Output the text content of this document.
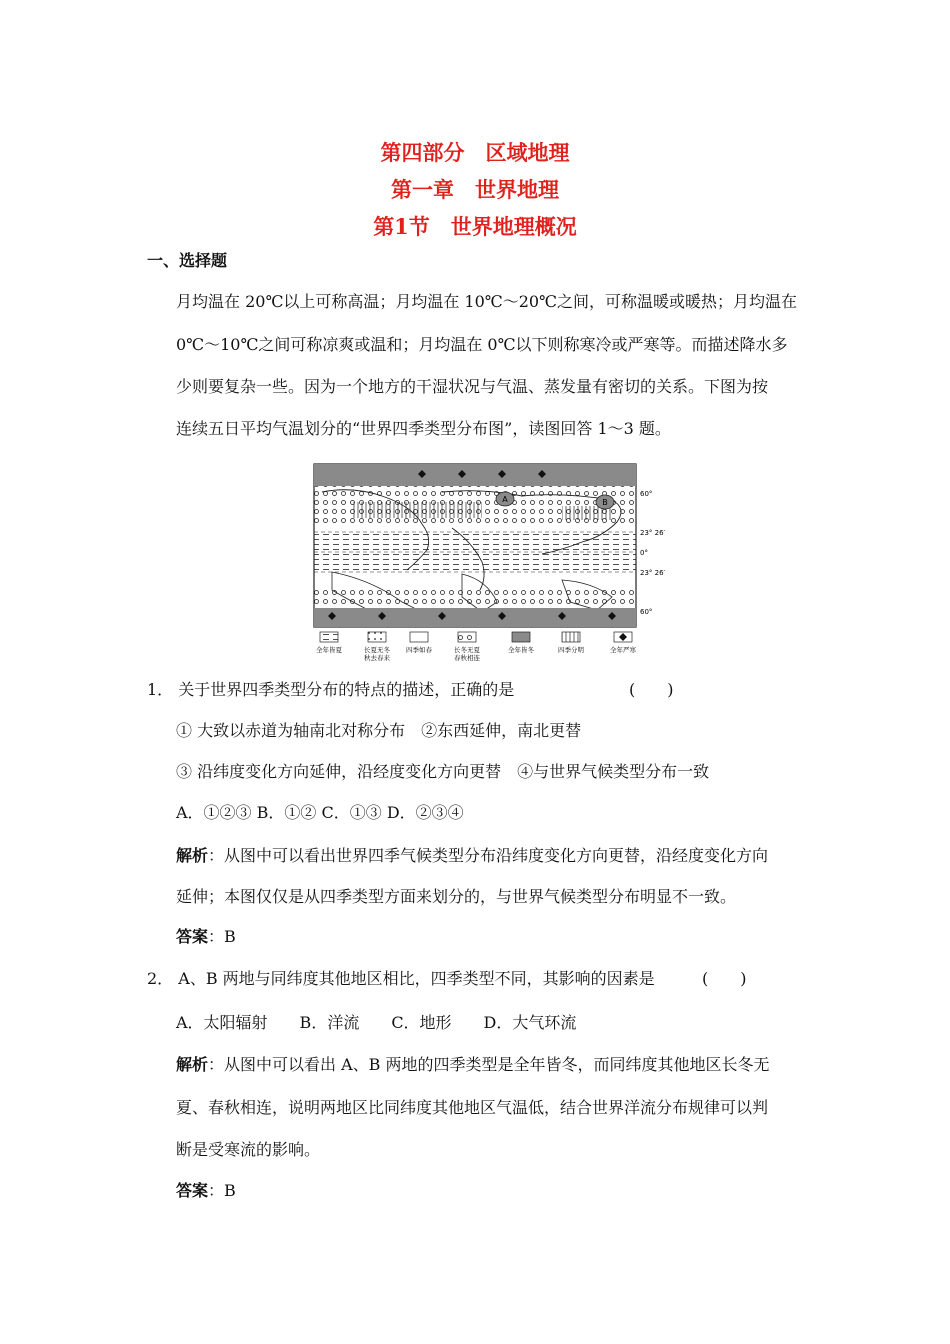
第四部分　区域地理
第一章　世界地理
第1节　世界地理概况
一、选择题
月均温在 20℃以上可称高温；月均温在 10℃～20℃之间，可称温暖或暖热；月均温在
0℃～10℃之间可称凉爽或温和；月均温在 0℃以下则称寒冷或严寒等。而描述降水多
少则要复杂一些。因为一个地方的干湿状况与气温、蒸发量有密切的关系。下图为按
连续五日平均气温划分的“世界四季类型分布图”，读图回答 1～3 题。
A	B
60°
23° 26′
0°
23° 26′
60°
全年皆夏	长夏无冬
秋去春来
四季如春	长冬无夏
春秋相连
全年皆冬	四季分明	全年严寒
1． 关于世界四季类型分布的特点的描述，正确的是	(　　)
① 大致以赤道为轴南北对称分布　②东西延伸，南北更替
③ 沿纬度变化方向延伸，沿经度变化方向更替　④与世界气候类型分布一致
A．①②③ B．①② C．①③ D．②③④
解析：从图中可以看出世界四季气候类型分布沿纬度变化方向更替，沿经度变化方向
延伸；本图仅仅是从四季类型方面来划分的，与世界气候类型分布明显不一致。
答案：B
2． A、B 两地与同纬度其他地区相比，四季类型不同，其影响的因素是	(　　)
A．太阳辐射　　B．洋流　　C．地形　　D．大气环流
解析：从图中可以看出 A、B 两地的四季类型是全年皆冬，而同纬度其他地区长冬无
夏、春秋相连，说明两地区比同纬度其他地区气温低，结合世界洋流分布规律可以判
断是受寒流的影响。
答案：B
